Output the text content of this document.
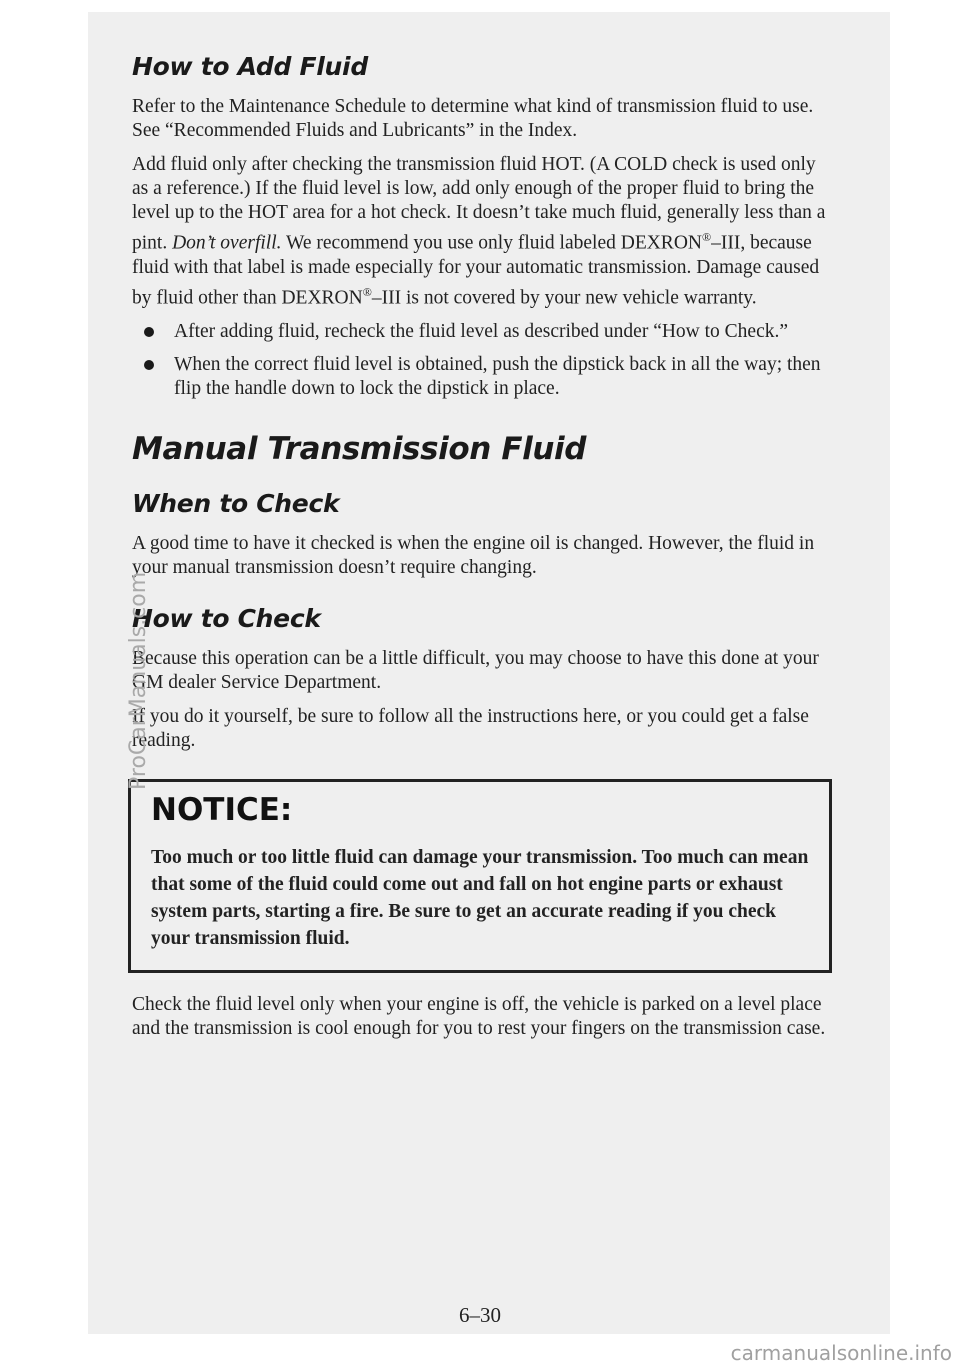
How to Add Fluid

Refer to the Maintenance Schedule to determine what kind of transmission fluid to use. See “Recommended Fluids and Lubricants” in the Index.

Add fluid only after checking the transmission fluid HOT. (A COLD check is used only as a reference.) If the fluid level is low, add only enough of the proper fluid to bring the level up to the HOT area for a hot check. It doesn’t take much fluid, generally less than a pint. Don’t overfill. We recommend you use only fluid labeled DEXRON®–III, because fluid with that label is made especially for your automatic transmission. Damage caused by fluid other than DEXRON®–III is not covered by your new vehicle warranty.

After adding fluid, recheck the fluid level as described under “How to Check.”
When the correct fluid level is obtained, push the dipstick back in all the way; then flip the handle down to lock the dipstick in place.
Manual Transmission Fluid
When to Check

A good time to have it checked is when the engine oil is changed. However, the fluid in your manual transmission doesn’t require changing.

How to Check

Because this operation can be a little difficult, you may choose to have this done at your GM dealer Service Department.

If you do it yourself, be sure to follow all the instructions here, or you could get a false reading.

NOTICE:

Too much or too little fluid can damage your transmission. Too much can mean that some of the fluid could come out and fall on hot engine parts or exhaust system parts, starting a fire. Be sure to get an accurate reading if you check your transmission fluid.

Check the fluid level only when your engine is off, the vehicle is parked on a level place and the transmission is cool enough for you to rest your fingers on the transmission case.

6–30
ProCarManuals.com
carmanualsonline.info
